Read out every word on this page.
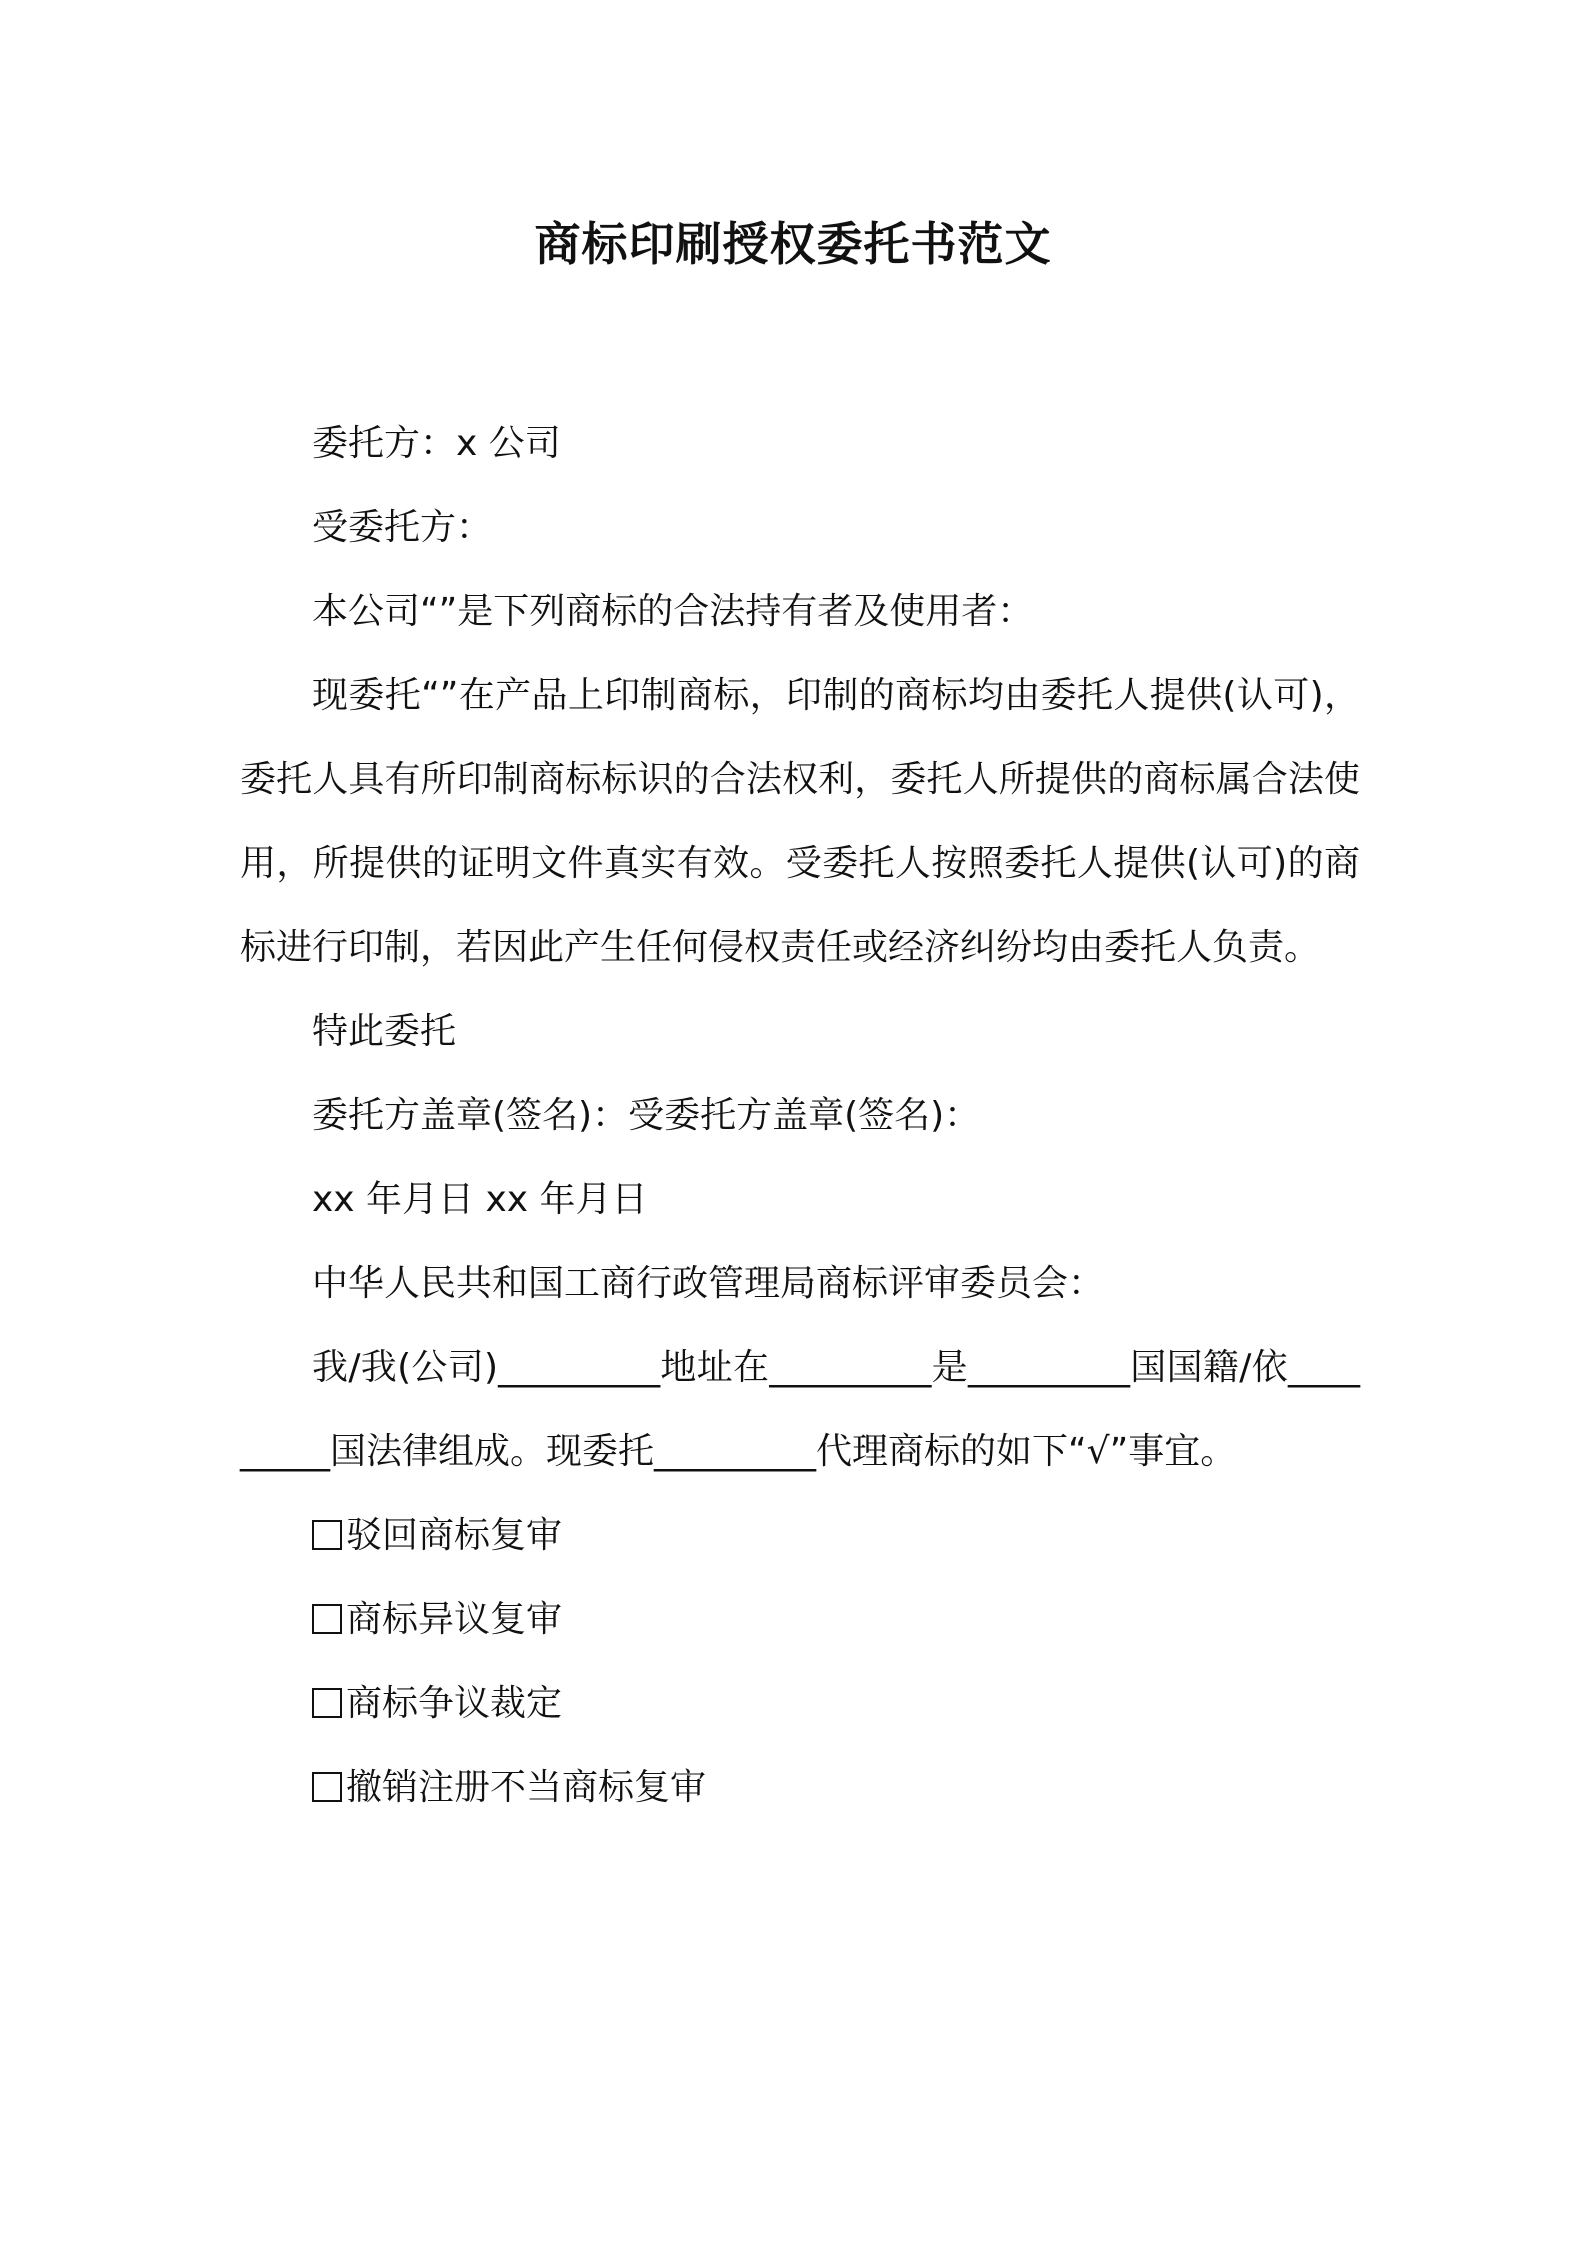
商标印刷授权委托书范文

委托方：x 公司

受委托方：

本公司“”是下列商标的合法持有者及使用者：

现委托“”在产品上印制商标，印制的商标均由委托人提供(认可)，委托人具有所印制商标标识的合法权利，委托人所提供的商标属合法使用，所提供的证明文件真实有效。受委托人按照委托人提供(认可)的商标进行印制，若因此产生任何侵权责任或经济纠纷均由委托人负责。

特此委托

委托方盖章(签名)：受委托方盖章(签名)：

xx 年月日 xx 年月日

中华人民共和国工商行政管理局商标评审委员会：

我/我(公司)_________地址在_________是_________国国籍/依_________国法律组成。现委托_________代理商标的如下“√”事宜。

驳回商标复审
商标异议复审
商标争议裁定
撤销注册不当商标复审
